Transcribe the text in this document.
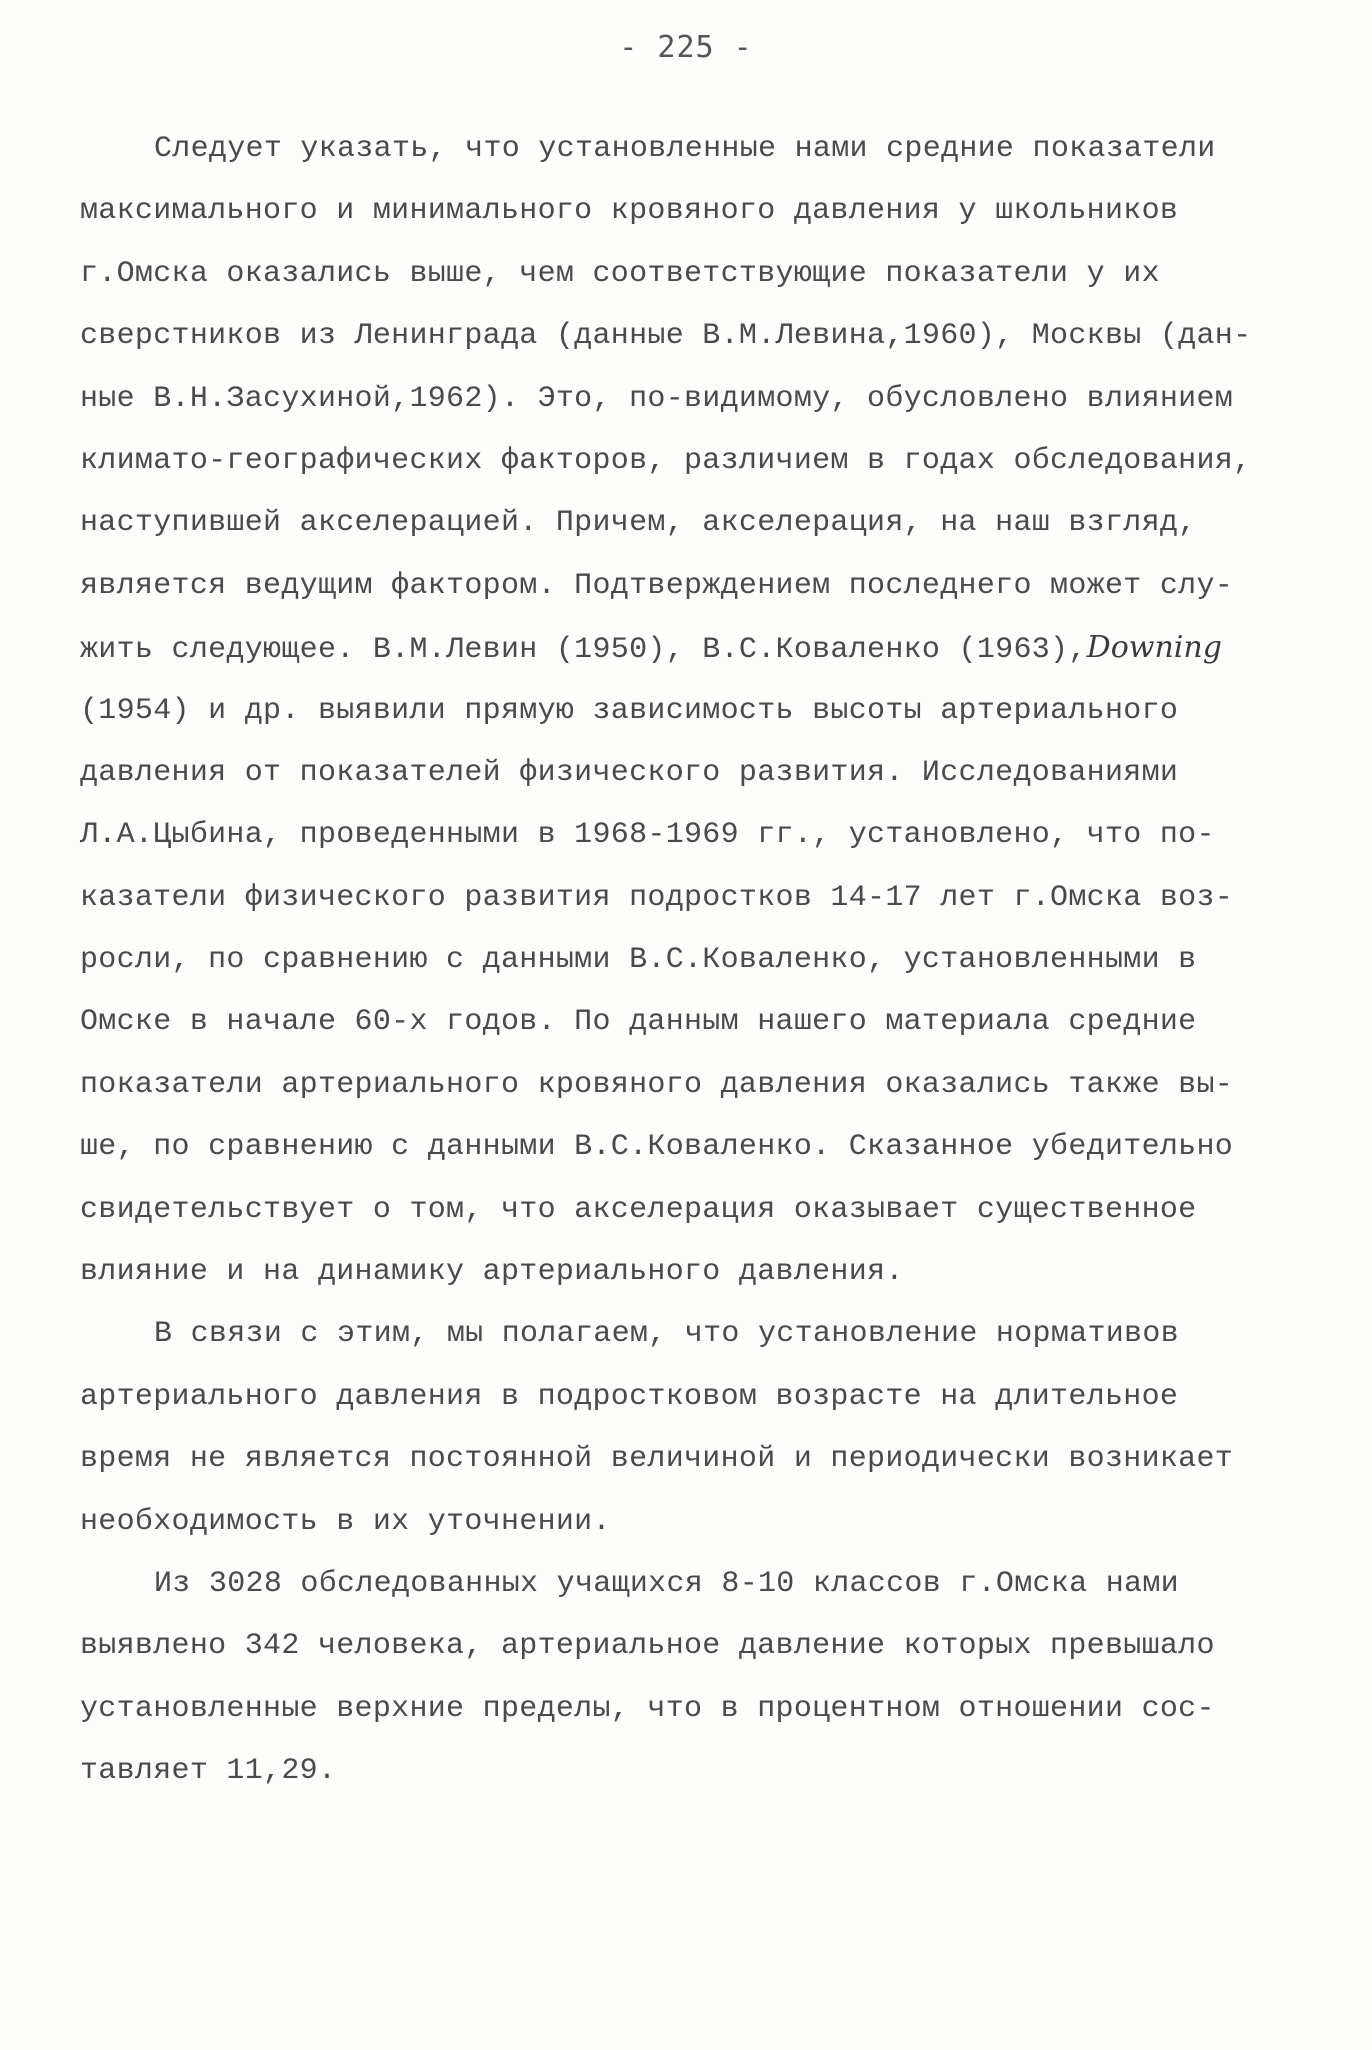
- 225 -
Следует указать, что установленные нами средние показатели
максимального и минимального кровяного давления у школьников
г.Омска оказались выше, чем соответствующие показатели у их
сверстников из Ленинграда (данные В.М.Левина,1960), Москвы (дан-
ные В.Н.Засухиной,1962). Это, по-видимому, обусловлено влиянием
климато-географических факторов, различием в годах обследования,
наступившей акселерацией. Причем, акселерация, на наш взгляд,
является ведущим фактором. Подтверждением последнего может слу-
жить следующее. В.М.Левин (1950), В.С.Коваленко (1963),Downing
(1954) и др. выявили прямую зависимость высоты артериального
давления от показателей физического развития. Исследованиями
Л.А.Цыбина, проведенными в 1968-1969 гг., установлено, что по-
казатели физического развития подростков 14-17 лет г.Омска воз-
росли, по сравнению с данными В.С.Коваленко, установленными в
Омске в начале 60-х годов. По данным нашего материала средние
показатели артериального кровяного давления оказались также вы-
ше, по сравнению с данными В.С.Коваленко. Сказанное убедительно
свидетельствует о том, что акселерация оказывает существенное
влияние и на динамику артериального давления.
В связи с этим, мы полагаем, что установление нормативов
артериального давления в подростковом возрасте на длительное
время не является постоянной величиной и периодически возникает
необходимость в их уточнении.
Из 3028 обследованных учащихся 8-10 классов г.Омска нами
выявлено 342 человека, артериальное давление которых превышало
установленные верхние пределы, что в процентном отношении сос-
тавляет 11,29.
